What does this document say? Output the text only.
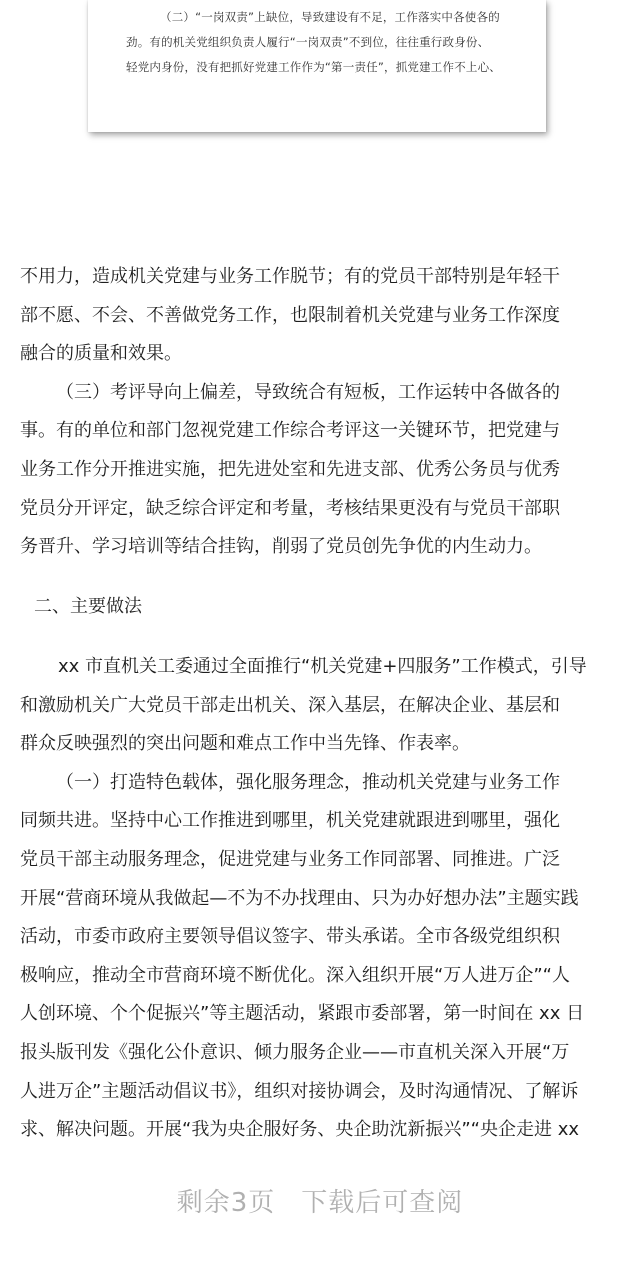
（二）“一岗双责”上缺位，导致建设有不足，工作落实中各使各的

劲。有的机关党组织负责人履行“一岗双责”不到位，往往重行政身份、

轻党内身份，没有把抓好党建工作作为“第一责任”，抓党建工作不上心、

不用力，造成机关党建与业务工作脱节；有的党员干部特别是年轻干

部不愿、不会、不善做党务工作，也限制着机关党建与业务工作深度

融合的质量和效果。

（三）考评导向上偏差，导致统合有短板，工作运转中各做各的

事。有的单位和部门忽视党建工作综合考评这一关键环节，把党建与

业务工作分开推进实施，把先进处室和先进支部、优秀公务员与优秀

党员分开评定，缺乏综合评定和考量，考核结果更没有与党员干部职

务晋升、学习培训等结合挂钩，削弱了党员创先争优的内生动力。

二、主要做法

xx 市直机关工委通过全面推行“机关党建+四服务”工作模式，引导

和激励机关广大党员干部走出机关、深入基层，在解决企业、基层和

群众反映强烈的突出问题和难点工作中当先锋、作表率。

（一）打造特色载体，强化服务理念，推动机关党建与业务工作

同频共进。坚持中心工作推进到哪里，机关党建就跟进到哪里，强化

党员干部主动服务理念，促进党建与业务工作同部署、同推进。广泛

开展“营商环境从我做起—不为不办找理由、只为办好想办法”主题实践

活动，市委市政府主要领导倡议签字、带头承诺。全市各级党组织积

极响应，推动全市营商环境不断优化。深入组织开展“万人进万企”“人

人创环境、个个促振兴”等主题活动，紧跟市委部署，第一时间在 xx 日

报头版刊发《强化公仆意识、倾力服务企业——市直机关深入开展“万

人进万企”主题活动倡议书》，组织对接协调会，及时沟通情况、了解诉

求、解决问题。开展“我为央企服好务、央企助沈新振兴”“央企走进 xx

剩余3页 下载后可查阅
